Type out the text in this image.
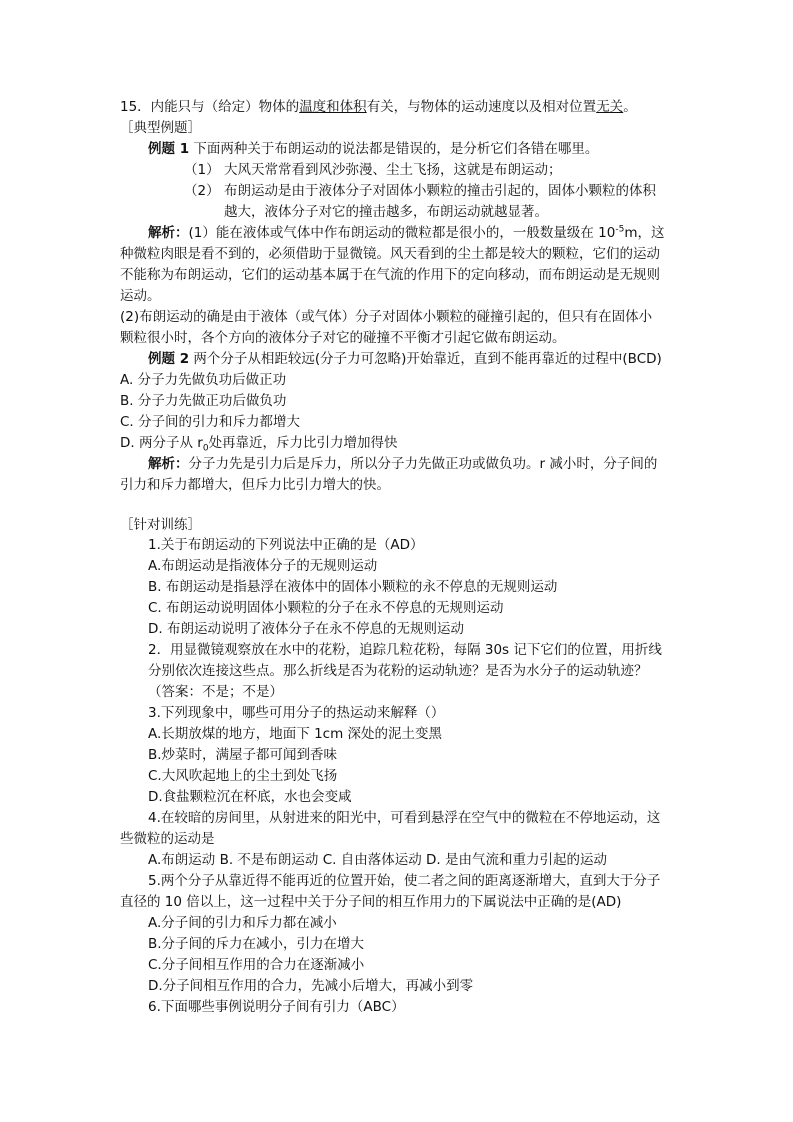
15．内能只与（给定）物体的温度和体积有关，与物体的运动速度以及相对位置无关。
［典型例题］
例题 1 下面两种关于布朗运动的说法都是错误的，是分析它们各错在哪里。
（1） 大风天常常看到风沙弥漫、尘土飞扬，这就是布朗运动；
（2） 布朗运动是由于液体分子对固体小颗粒的撞击引起的，固体小颗粒的体积
越大，液体分子对它的撞击越多，布朗运动就越显著。
解析：(1）能在液体或气体中作布朗运动的微粒都是很小的，一般数量级在 $10^{-5}m$，这
种微粒肉眼是看不到的，必须借助于显微镜。风天看到的尘土都是较大的颗粒，它们的运动
不能称为布朗运动，它们的运动基本属于在气流的作用下的定向移动，而布朗运动是无规则
运动。
(2)布朗运动的确是由于液体（或气体）分子对固体小颗粒的碰撞引起的，但只有在固体小
颗粒很小时，各个方向的液体分子对它的碰撞不平衡才引起它做布朗运动。
例题 2 两个分子从相距较远(分子力可忽略)开始靠近，直到不能再靠近的过程中(BCD)
A. 分子力先做负功后做正功
B. 分子力先做正功后做负功
C. 分子间的引力和斥力都增大
D. 两分子从 $r_0$处再靠近，斥力比引力增加得快
解析：分子力先是引力后是斥力，所以分子力先做正功或做负功。r 减小时，分子间的
引力和斥力都增大，但斥力比引力增大的快。
［针对训练］
1.关于布朗运动的下列说法中正确的是（AD）
A.布朗运动是指液体分子的无规则运动
B. 布朗运动是指悬浮在液体中的固体小颗粒的永不停息的无规则运动
C. 布朗运动说明固体小颗粒的分子在永不停息的无规则运动
D. 布朗运动说明了液体分子在永不停息的无规则运动
2．用显微镜观察放在水中的花粉，追踪几粒花粉，每隔 30s 记下它们的位置，用折线
分别依次连接这些点。那么折线是否为花粉的运动轨迹？是否为水分子的运动轨迹？
（答案：不是；不是）
3.下列现象中，哪些可用分子的热运动来解释（）
A.长期放煤的地方，地面下 1cm 深处的泥土变黑
B.炒菜时，满屋子都可闻到香味
C.大风吹起地上的尘土到处飞扬
D.食盐颗粒沉在杯底，水也会变咸
4.在较暗的房间里，从射进来的阳光中，可看到悬浮在空气中的微粒在不停地运动，这
些微粒的运动是
A.布朗运动 B. 不是布朗运动 C. 自由落体运动 D. 是由气流和重力引起的运动
5.两个分子从靠近得不能再近的位置开始，使二者之间的距离逐渐增大，直到大于分子
直径的 10 倍以上，这一过程中关于分子间的相互作用力的下属说法中正确的是(AD)
A.分子间的引力和斥力都在减小
B.分子间的斥力在减小，引力在增大
C.分子间相互作用的合力在逐渐减小
D.分子间相互作用的合力，先减小后增大，再减小到零
6.下面哪些事例说明分子间有引力（ABC）
